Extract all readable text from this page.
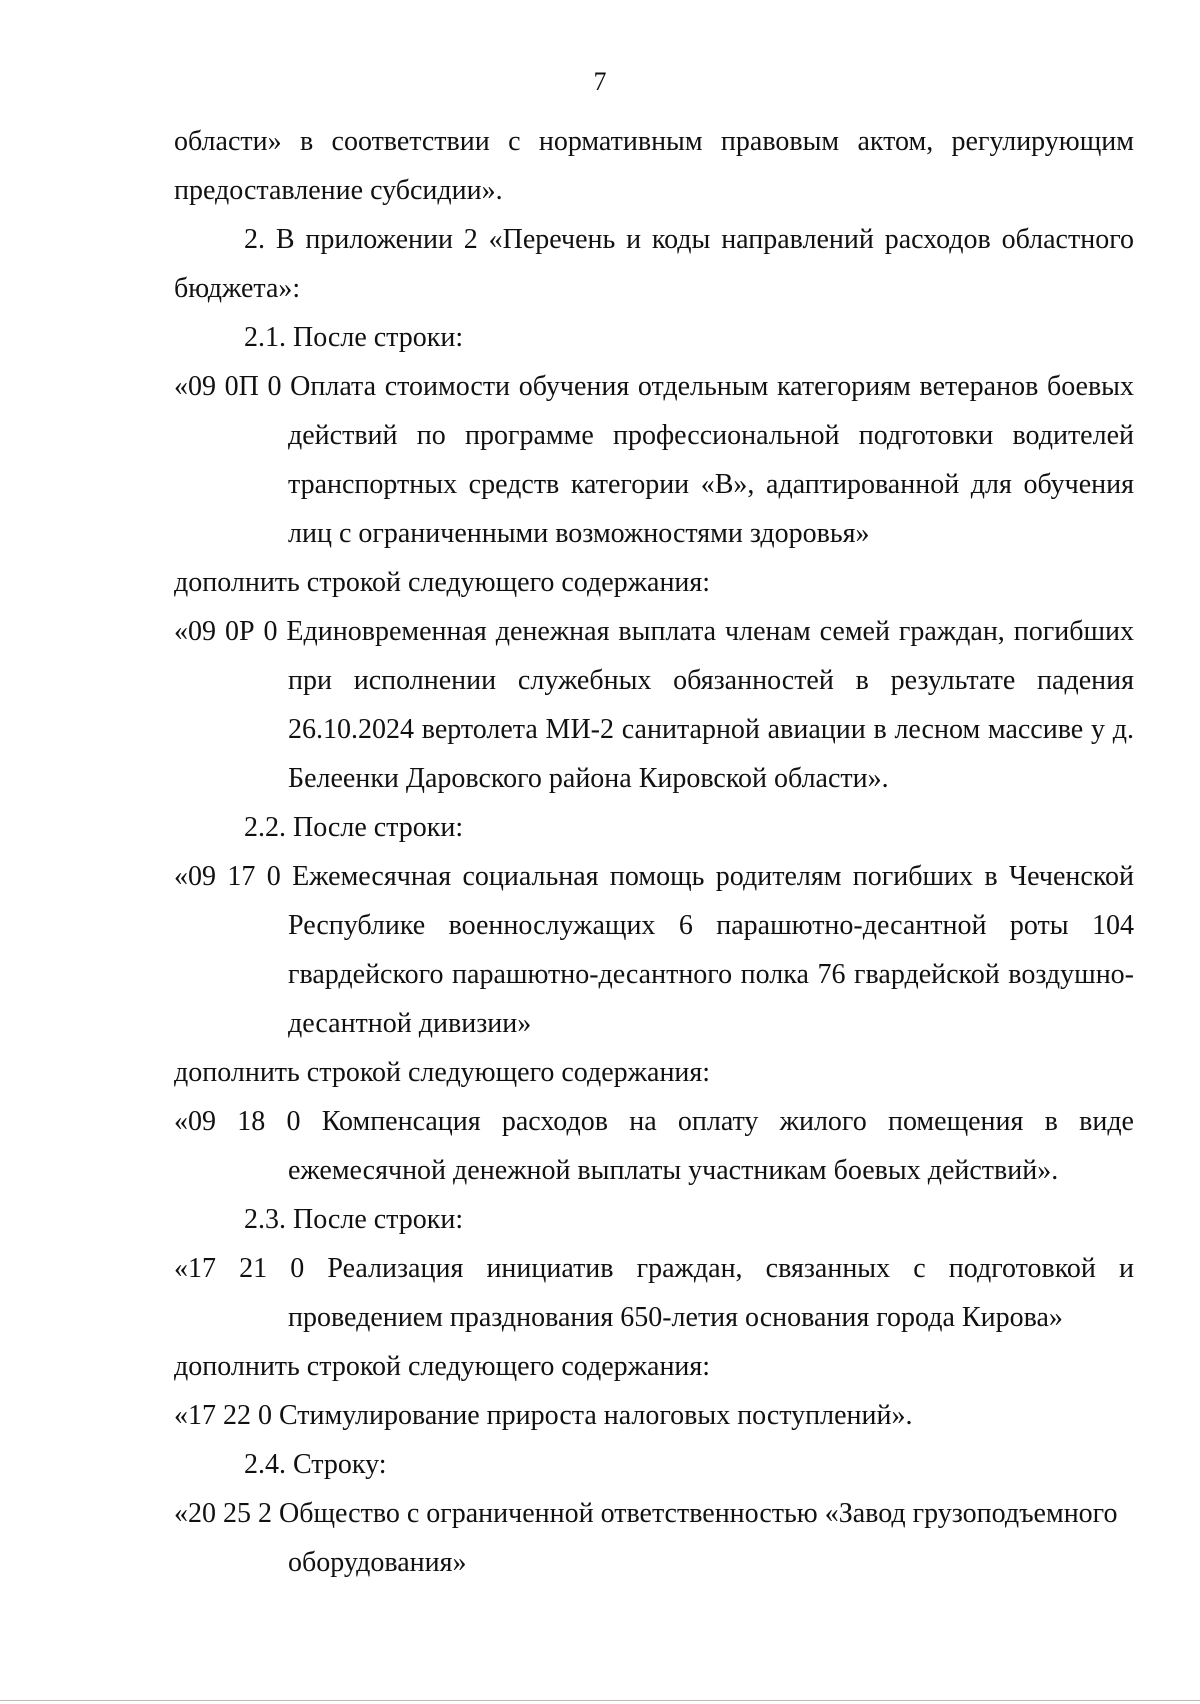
7

области» в соответствии с нормативным правовым актом, регулирующим предоставление субсидии».

2. В приложении 2 «Перечень и коды направлений расходов областного бюджета»:

2.1. После строки:

«09 0П 0 Оплата стоимости обучения отдельным категориям ветеранов боевых действий по программе профессиональной подготовки водителей транспортных средств категории «В», адаптированной для обучения лиц с ограниченными возможностями здоровья»

дополнить строкой следующего содержания:

«09 0Р 0 Единовременная денежная выплата членам семей граждан, погибших при исполнении служебных обязанностей в результате падения 26.10.2024 вертолета МИ-2 санитарной авиации в лесном массиве у д. Белеенки Даровского района Кировской области».

2.2. После строки:

«09 17 0 Ежемесячная социальная помощь родителям погибших в Чеченской Республике военнослужащих 6 парашютно-десантной роты 104 гвардейского парашютно-десантного полка 76 гвардейской воздушно-десантной дивизии»

дополнить строкой следующего содержания:

«09 18 0 Компенсация расходов на оплату жилого помещения в виде ежемесячной денежной выплаты участникам боевых действий».

2.3. После строки:

«17 21 0 Реализация инициатив граждан, связанных с подготовкой и проведением празднования 650-летия основания города Кирова»

дополнить строкой следующего содержания:

«17 22 0 Стимулирование прироста налоговых поступлений».

2.4. Строку:

«20 25 2 Общество с ограниченной ответственностью «Завод грузоподъемного оборудования»
